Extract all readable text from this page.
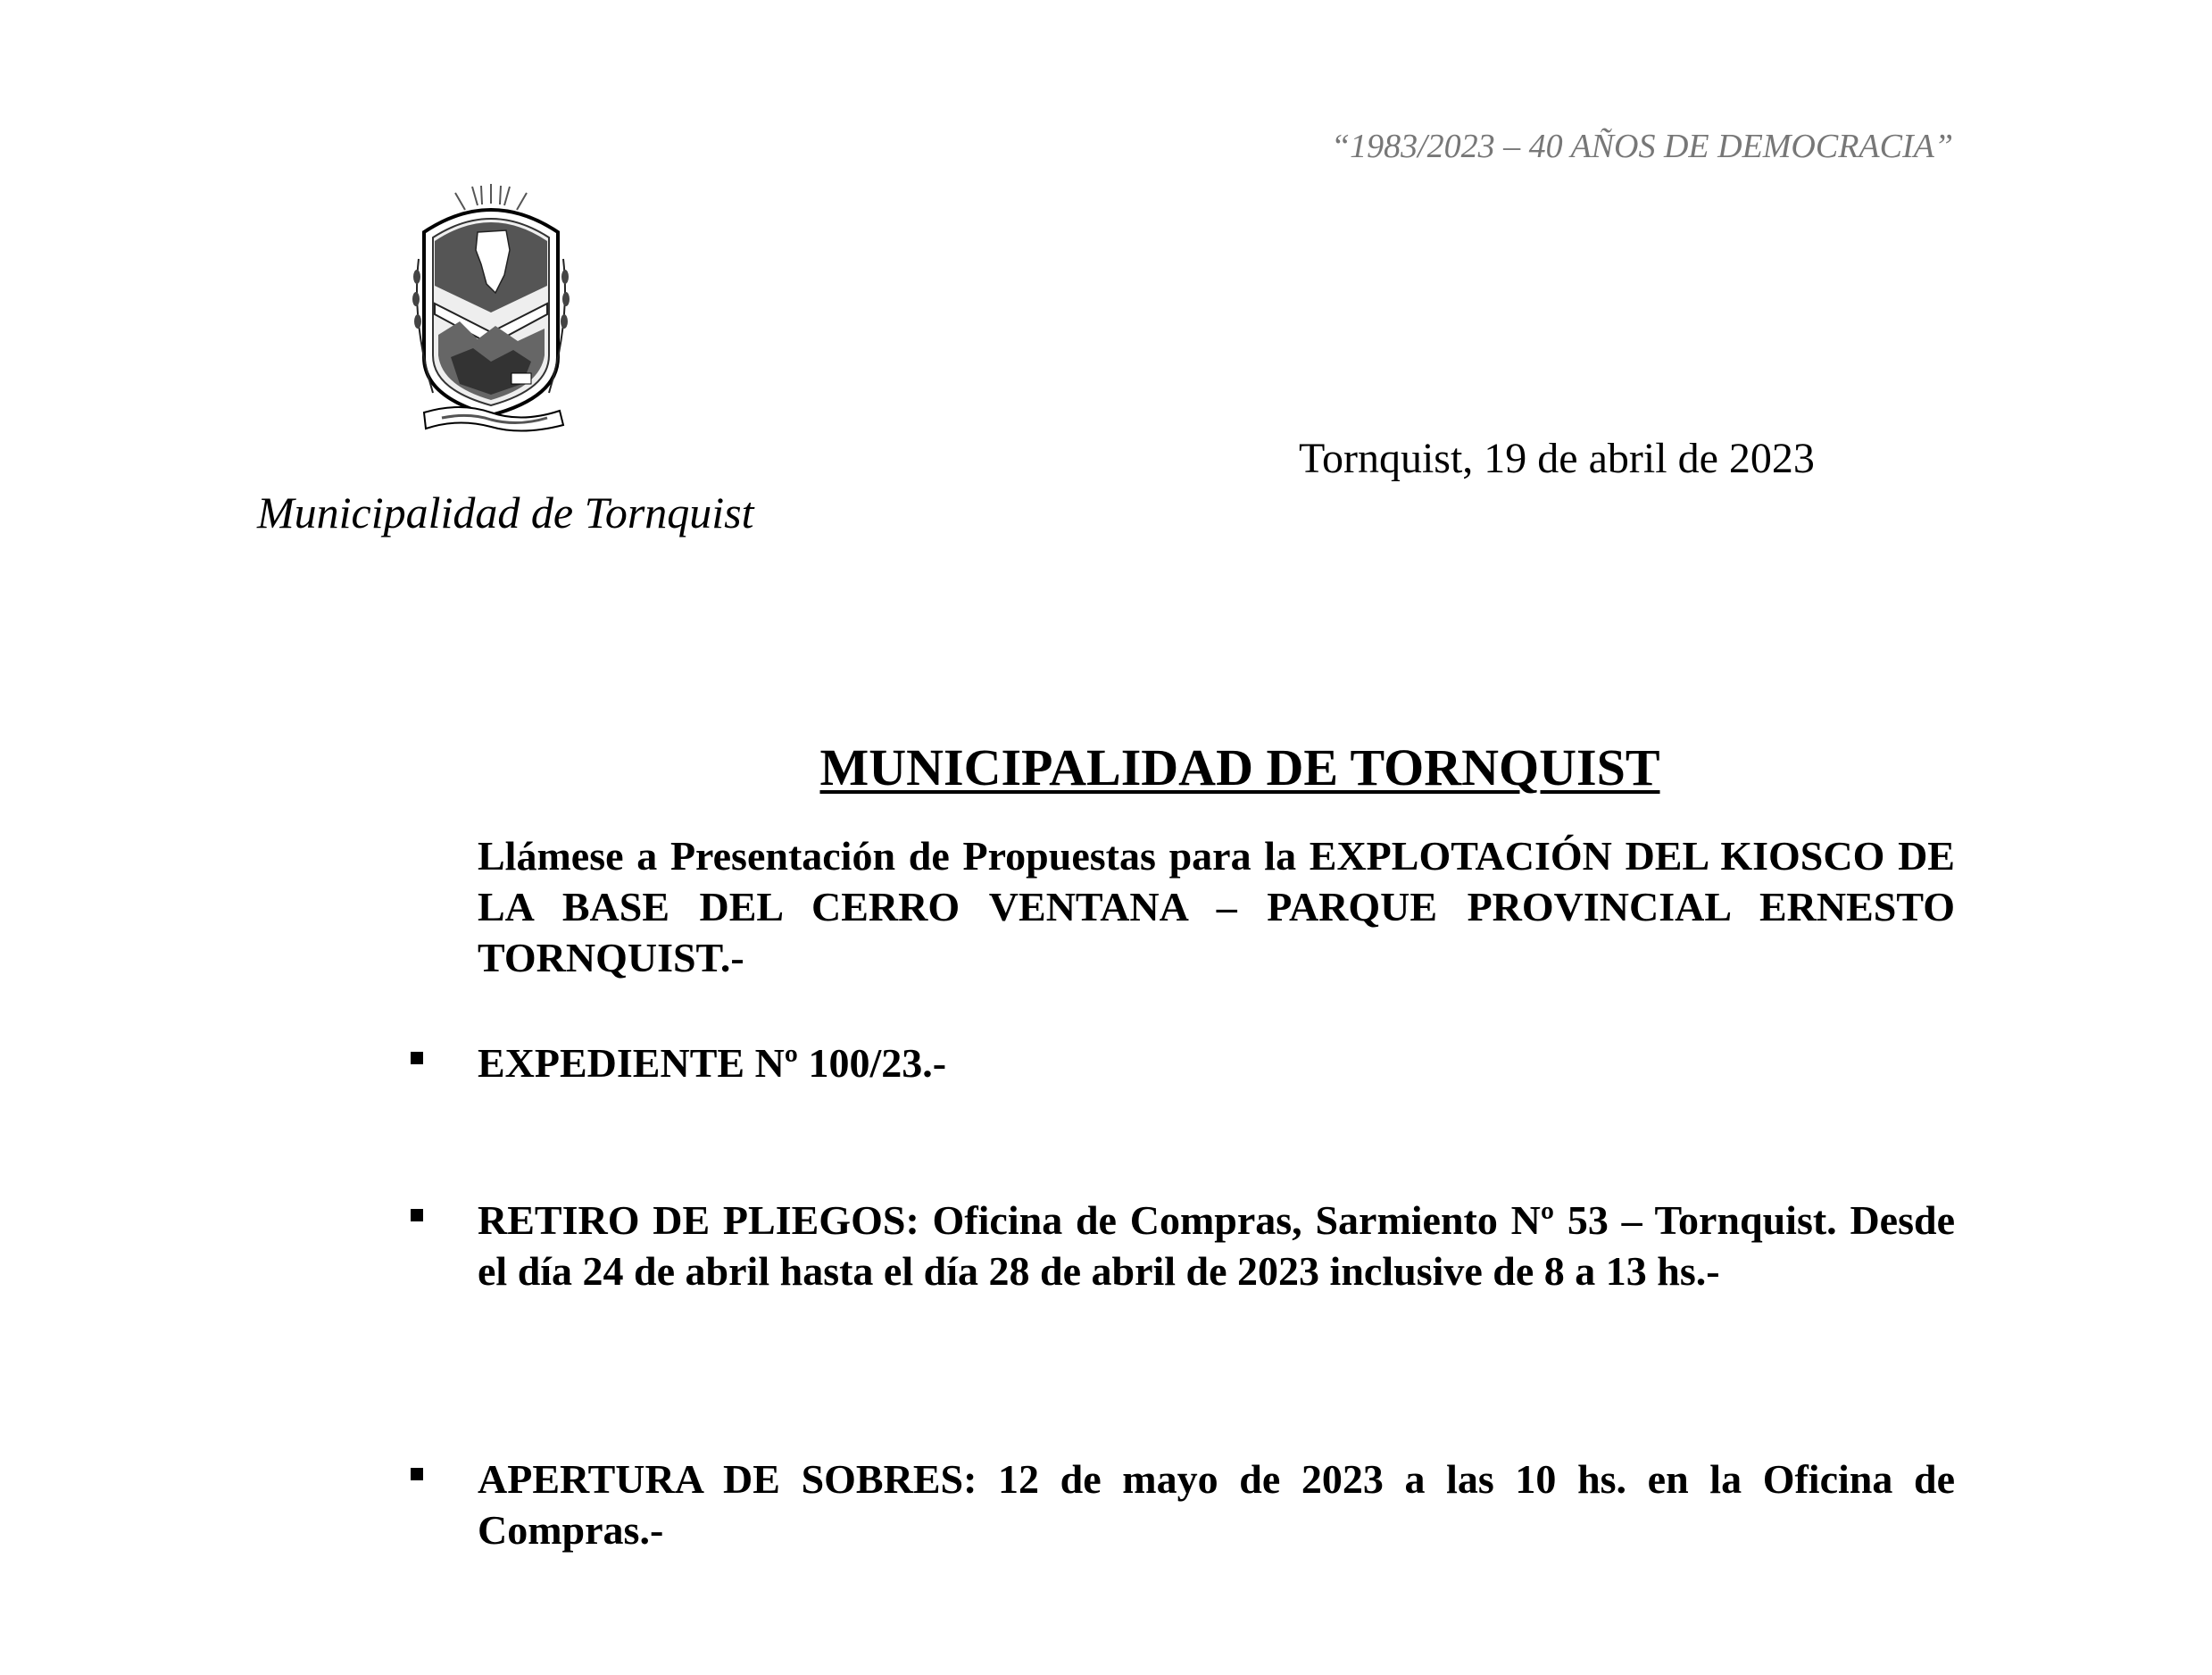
“1983/2023 – 40 AÑOS DE DEMOCRACIA”
Municipalidad de Tornquist
Tornquist, 19 de abril de 2023
MUNICIPALIDAD DE TORNQUIST
Llámese a Presentación de Propuestas para la EXPLOTACIÓN DEL KIOSCO DE LA BASE DEL CERRO VENTANA – PARQUE PROVINCIAL ERNESTO TORNQUIST.-
EXPEDIENTE Nº 100/23.-
RETIRO DE PLIEGOS: Oficina de Compras, Sarmiento Nº 53 – Tornquist. Desde el día 24 de abril hasta el día 28 de abril de 2023 inclusive de 8 a 13 hs.-
APERTURA DE SOBRES: 12 de mayo de 2023 a las 10 hs. en la Oficina de Compras.-
